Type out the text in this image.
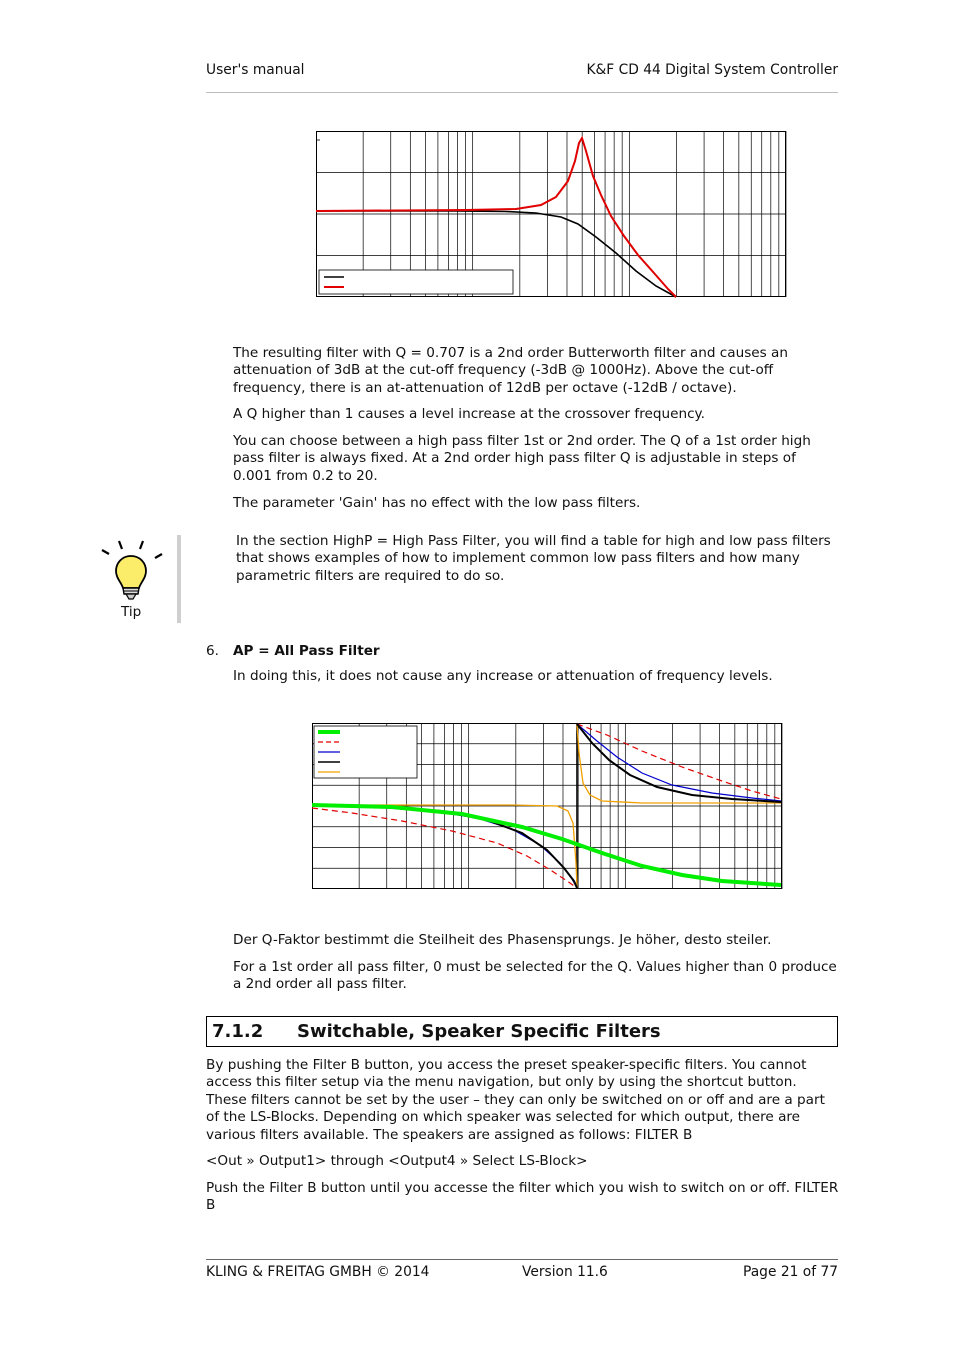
User's manual	K&F CD 44 Digital System Controller

The resulting filter with Q = 0.707 is a 2nd order Butterworth filter and causes an attenuation of 3dB at the cut-off frequency (-3dB @ 1000Hz). Above the cut-off frequency, there is an at-attenuation of 12dB per octave (-12dB / octave).

A Q higher than 1 causes a level increase at the crossover frequency.

You can choose between a high pass filter 1st or 2nd order. The Q of a 1st order high pass filter is always fixed. At a 2nd order high pass filter Q is adjustable in steps of 0.001 from 0.2 to 20.

The parameter 'Gain' has no effect with the low pass filters.

Tip

In the section HighP = High Pass Filter, you will find a table for high and low pass filters that shows examples of how to implement common low pass filters and how many parametric filters are required to do so.

6. AP = All Pass Filter

In doing this, it does not cause any increase or attenuation of frequency levels.

Der Q-Faktor bestimmt die Steilheit des Phasensprungs. Je höher, desto steiler.

For a 1st order all pass filter, 0 must be selected for the Q. Values higher than 0 produce a 2nd order all pass filter.

7.1.2 Switchable, Speaker Specific Filters

By pushing the Filter B button, you access the preset speaker-specific filters. You cannot access this filter setup via the menu navigation, but only by using the shortcut button. These filters cannot be set by the user – they can only be switched on or off and are a part of the LS-Blocks. Depending on which speaker was selected for which output, there are various filters available. The speakers are assigned as follows: FILTER B

<Out » Output1> through <Output4 » Select LS-Block>

Push the Filter B button until you accesse the filter which you wish to switch on or off. FILTER B

KLING & FREITAG GMBH © 2014	Version 11.6	Page 21 of 77
